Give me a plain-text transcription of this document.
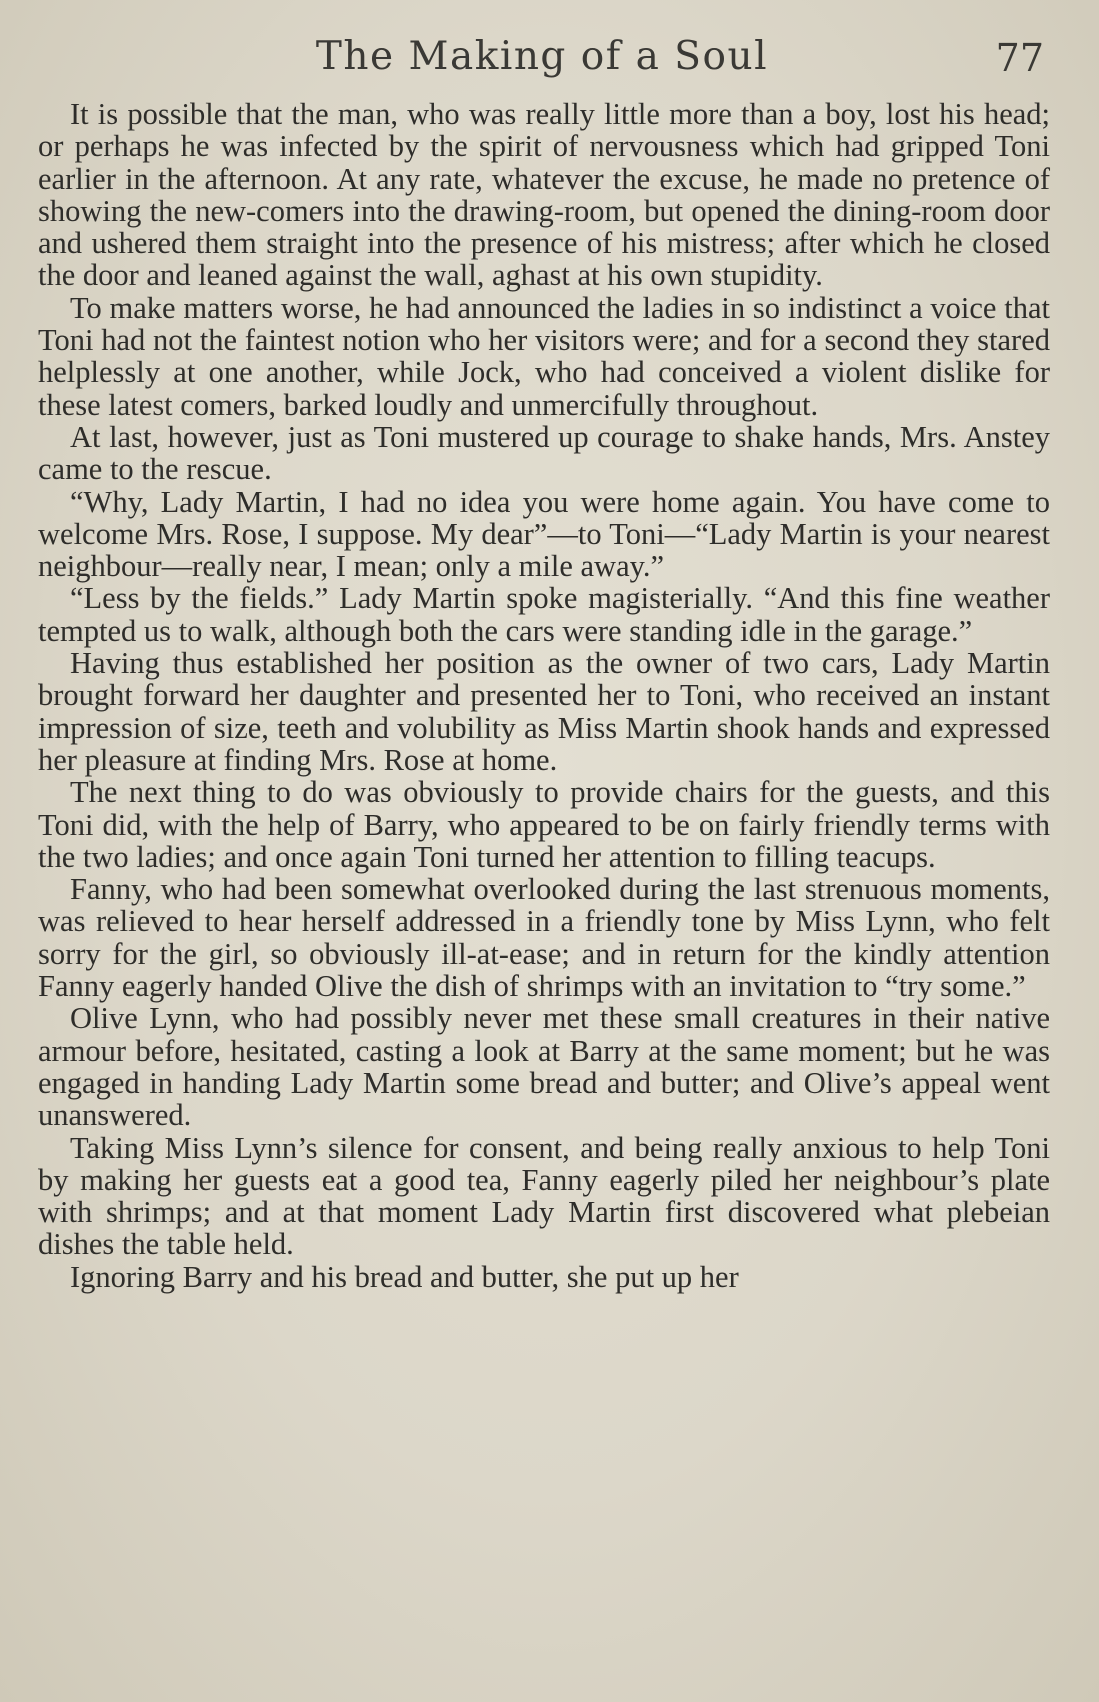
The Making of a Soul	77

It is possible that the man, who was really little more than a boy, lost his head; or perhaps he was infected by the spirit of nervousness which had gripped Toni earlier in the afternoon. At any rate, whatever the excuse, he made no pretence of showing the new-comers into the drawing-room, but opened the dining-room door and ushered them straight into the presence of his mistress; after which he closed the door and leaned against the wall, aghast at his own stupidity.

To make matters worse, he had announced the ladies in so indistinct a voice that Toni had not the faintest notion who her visitors were; and for a second they stared helplessly at one another, while Jock, who had conceived a violent dislike for these latest comers, barked loudly and unmercifully throughout.

At last, however, just as Toni mustered up courage to shake hands, Mrs. Anstey came to the rescue.

“Why, Lady Martin, I had no idea you were home again. You have come to welcome Mrs. Rose, I suppose. My dear”—to Toni—“Lady Martin is your nearest neighbour—really near, I mean; only a mile away.”

“Less by the fields.” Lady Martin spoke magisterially. “And this fine weather tempted us to walk, although both the cars were standing idle in the garage.”

Having thus established her position as the owner of two cars, Lady Martin brought forward her daughter and presented her to Toni, who received an instant impression of size, teeth and volubility as Miss Martin shook hands and expressed her pleasure at finding Mrs. Rose at home.

The next thing to do was obviously to provide chairs for the guests, and this Toni did, with the help of Barry, who appeared to be on fairly friendly terms with the two ladies; and once again Toni turned her attention to filling teacups.

Fanny, who had been somewhat overlooked during the last strenuous moments, was relieved to hear herself addressed in a friendly tone by Miss Lynn, who felt sorry for the girl, so obviously ill-at-ease; and in return for the kindly attention Fanny eagerly handed Olive the dish of shrimps with an invitation to “try some.”

Olive Lynn, who had possibly never met these small creatures in their native armour before, hesitated, casting a look at Barry at the same moment; but he was engaged in handing Lady Martin some bread and butter; and Olive’s appeal went unanswered.

Taking Miss Lynn’s silence for consent, and being really anxious to help Toni by making her guests eat a good tea, Fanny eagerly piled her neighbour’s plate with shrimps; and at that moment Lady Martin first discovered what plebeian dishes the table held.

Ignoring Barry and his bread and butter, she put up her
